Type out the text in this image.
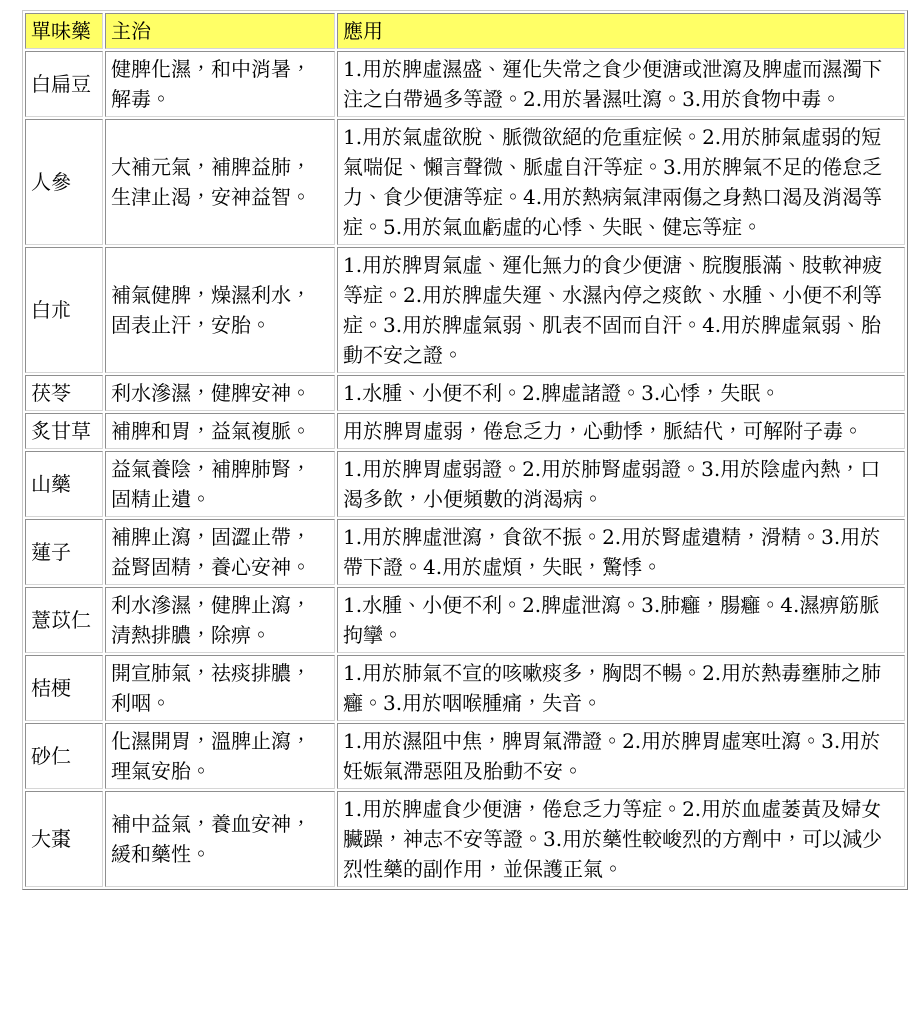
單味藥	主治	應用
白扁豆	健脾化濕，和中消暑，解毒。	1.用於脾虛濕盛、運化失常之食少便溏或泄瀉及脾虛而濕濁下注之白帶過多等證。2.用於暑濕吐瀉。3.用於食物中毒。
人參	大補元氣，補脾益肺，生津止渴，安神益智。	1.用於氣虛欲脫、脈微欲絕的危重症候。2.用於肺氣虛弱的短氣喘促、懶言聲微、脈虛自汗等症。3.用於脾氣不足的倦怠乏力、食少便溏等症。4.用於熱病氣津兩傷之身熱口渴及消渴等症。5.用於氣血虧虛的心悸、失眠、健忘等症。
白朮	補氣健脾，燥濕利水，固表止汗，安胎。	1.用於脾胃氣虛、運化無力的食少便溏、脘腹脹滿、肢軟神疲等症。2.用於脾虛失運、水濕內停之痰飲、水腫、小便不利等症。3.用於脾虛氣弱、肌表不固而自汗。4.用於脾虛氣弱、胎動不安之證。
茯苓	利水滲濕，健脾安神。	1.水腫、小便不利。2.脾虛諸證。3.心悸，失眠。
炙甘草	補脾和胃，益氣複脈。	用於脾胃虛弱，倦怠乏力，心動悸，脈結代，可解附子毒。
山藥	益氣養陰，補脾肺腎，固精止遺。	1.用於脾胃虛弱證。2.用於肺腎虛弱證。3.用於陰虛內熱，口渴多飲，小便頻數的消渴病。
蓮子	補脾止瀉，固澀止帶，益腎固精，養心安神。	1.用於脾虛泄瀉，食欲不振。2.用於腎虛遺精，滑精。3.用於帶下證。4.用於虛煩，失眠，驚悸。
薏苡仁	利水滲濕，健脾止瀉，清熱排膿，除痹。	1.水腫、小便不利。2.脾虛泄瀉。3.肺癰，腸癰。4.濕痹筋脈拘攣。
桔梗	開宣肺氣，祛痰排膿，利咽。	1.用於肺氣不宣的咳嗽痰多，胸悶不暢。2.用於熱毒壅肺之肺癰。3.用於咽喉腫痛，失音。
砂仁	化濕開胃，溫脾止瀉，理氣安胎。	1.用於濕阻中焦，脾胃氣滯證。2.用於脾胃虛寒吐瀉。3.用於妊娠氣滯惡阻及胎動不安。
大棗	補中益氣，養血安神，緩和藥性。	1.用於脾虛食少便溏，倦怠乏力等症。2.用於血虛萎黃及婦女臟躁，神志不安等證。3.用於藥性較峻烈的方劑中，可以減少烈性藥的副作用，並保護正氣。
